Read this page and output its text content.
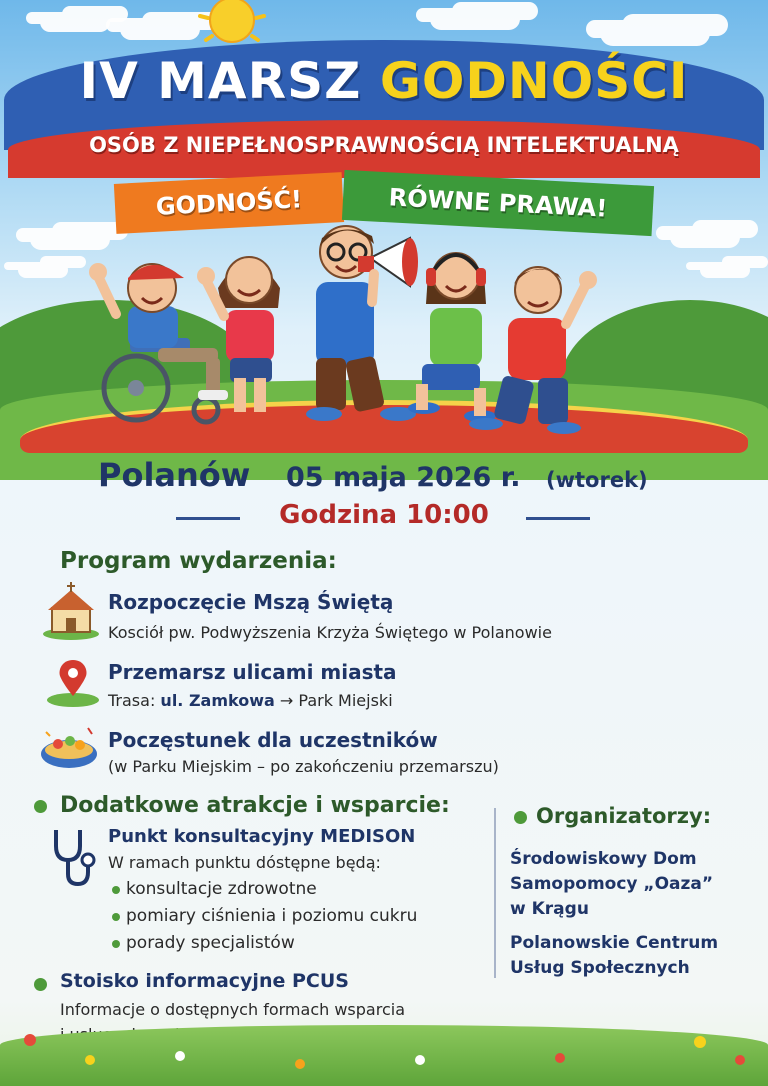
IV MARSZ GODNOŚCI
OSÓB Z NIEPEŁNOSPRAWNOŚCIĄ INTELEKTUALNĄ
GODNOŚĆ!	RÓWNE PRAWA!
Polanów 05 maja 2026 r. (wtorek)
Godzina 10:00
Program wydarzenia:
Rozpoczęcie Mszą Świętą
Kosciół pw. Podwyższenia Krzyża Świętego w Polanowie
Przemarsz ulicami miasta
Trasa: ul. Zamkowa → Park Miejski
Poczęstunek dla uczestników
(w Parku Miejskim – po zakończeniu przemarszu)
Dodatkowe atrakcje i wsparcie:
Punkt konsultacyjny MEDISON
W ramach punktu dóstępne będą:
konsultacje zdrowotne
pomiary ciśnienia i poziomu cukru
porady specjalistów
Stoisko informacyjne PCUS
Informacje o dostępnych formach wsparcia
Organizatorzy:
Środowiskowy Dom
Samopomocy „Oaza”
w Krągu
Polanowskie Centrum
Usług Społecznych
